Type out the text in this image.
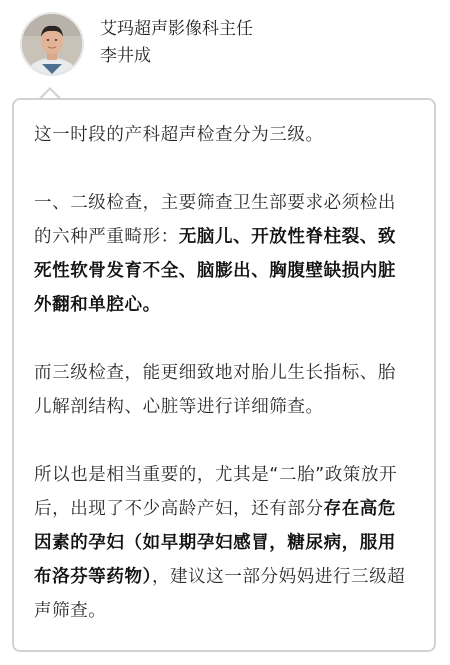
艾玛超声影像科主任
李井成

这一时段的产科超声检查分为三级。

一、二级检查，主要筛查卫生部要求必须检出的六种严重畸形：无脑儿、开放性脊柱裂、致死性软骨发育不全、脑膨出、胸腹壁缺损内脏外翻和单腔心。

而三级检查，能更细致地对胎儿生长指标、胎儿解剖结构、心脏等进行详细筛查。

所以也是相当重要的，尤其是“二胎”政策放开后，出现了不少高龄产妇，还有部分存在高危因素的孕妇（如早期孕妇感冒，糖尿病，服用布洛芬等药物），建议这一部分妈妈进行三级超声筛查。
